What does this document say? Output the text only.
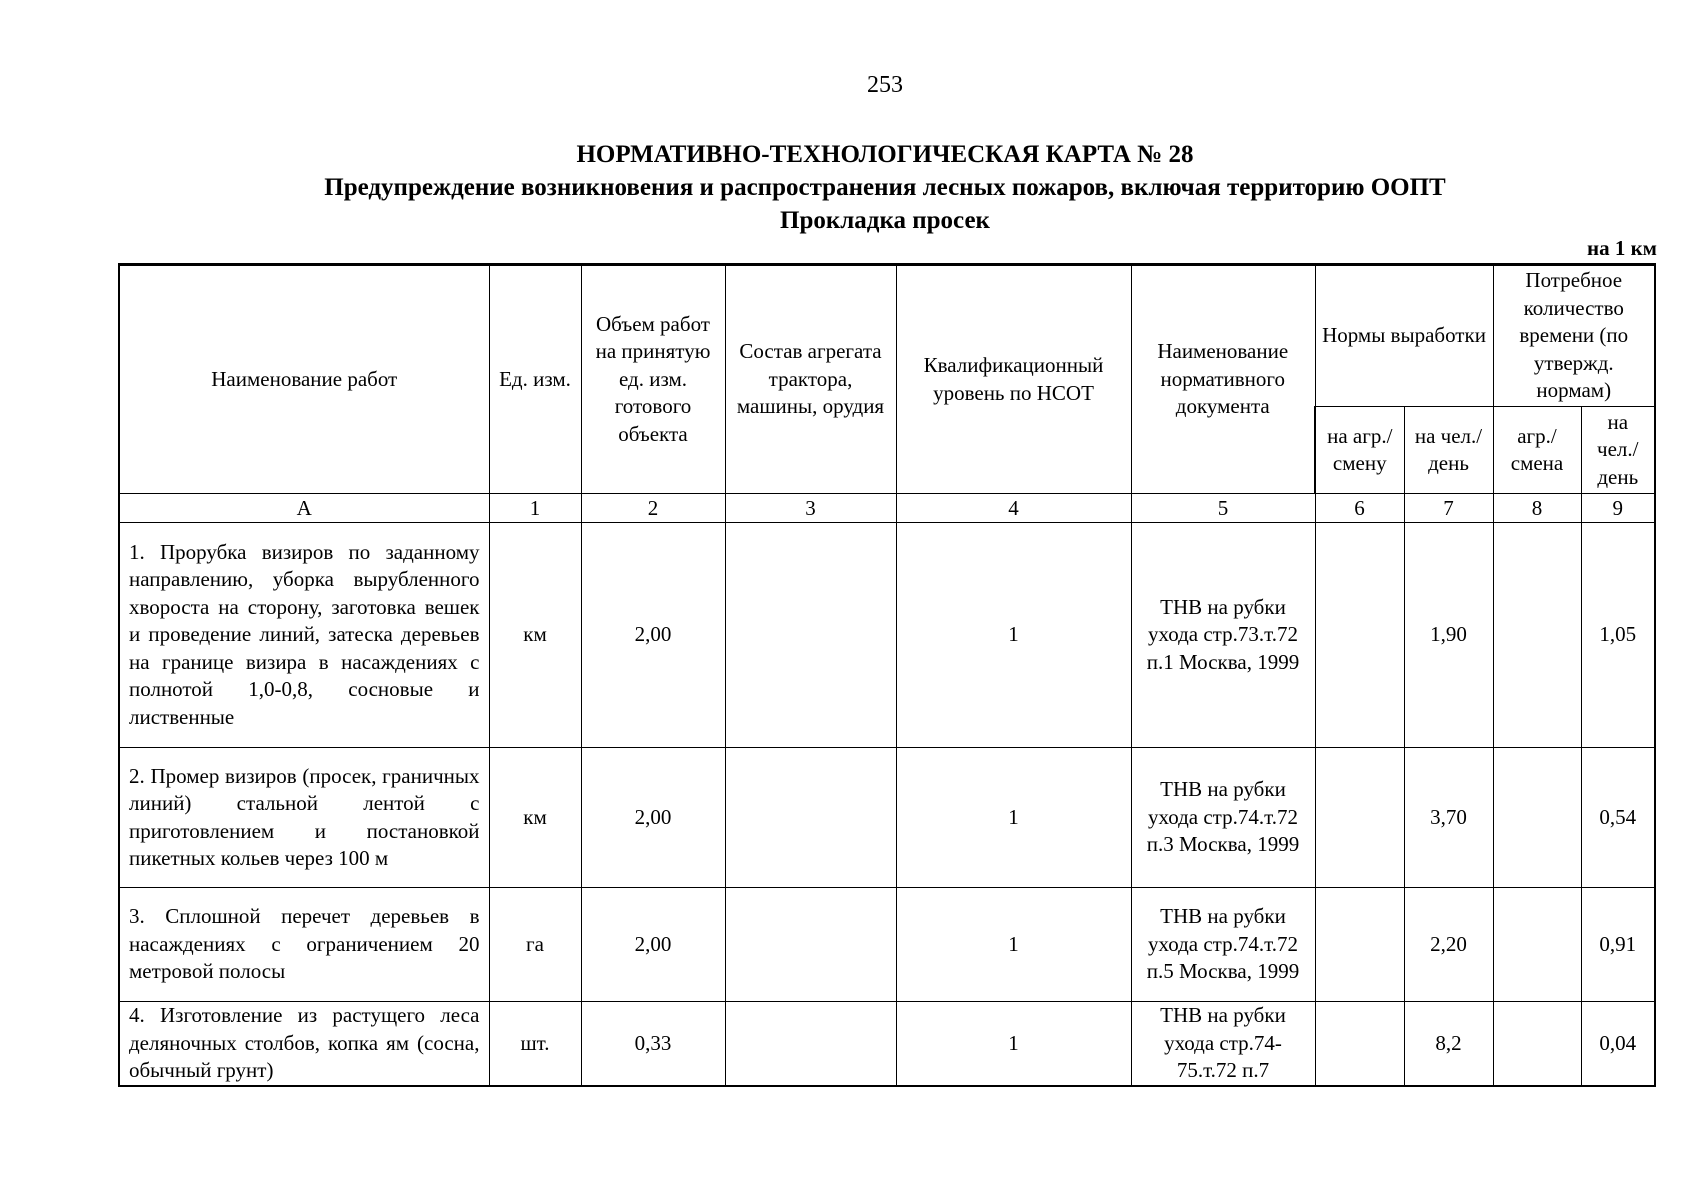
253
НОРМАТИВНО-ТЕХНОЛОГИЧЕСКАЯ КАРТА № 28
Предупреждение возникновения и распространения лесных пожаров, включая территорию ООПТ
Прокладка просек
на 1 км
Наименование работ	Ед. изм.	Объем работ на принятую ед. изм. готового объекта	Состав агрегата трактора, машины, орудия	Квалификационный уровень по НСОТ	Наименование нормативного документа	Нормы выработки		Потребное количество времени (по утвержд. нормам)	
						на агр./ смену	на чел./ день	агр./ смена	на чел./ день
А	1	2	3	4	5	6	7	8	9
1. Прорубка визиров по заданному направлению, уборка вырубленного хвороста на сторону, заготовка вешек и проведение линий, затеска деревьев на границе визира в насаждениях с полнотой 1,0-0,8, сосновые и лиственные	км	2,00		1	ТНВ на рубки ухода стр.73.т.72 п.1 Москва, 1999		1,90		1,05
2. Промер визиров (просек, граничных линий) стальной лентой с приготовлением и постановкой пикетных кольев через 100 м	км	2,00		1	ТНВ на рубки ухода стр.74.т.72 п.3 Москва, 1999		3,70		0,54
3. Сплошной перечет деревьев в насаждениях с ограничением 20 метровой полосы	га	2,00		1	ТНВ на рубки ухода стр.74.т.72 п.5 Москва, 1999		2,20		0,91
4. Изготовление из растущего леса деляночных столбов, копка ям (сосна, обычный грунт)	шт.	0,33		1	ТНВ на рубки ухода стр.74-75.т.72 п.7		8,2		0,04
